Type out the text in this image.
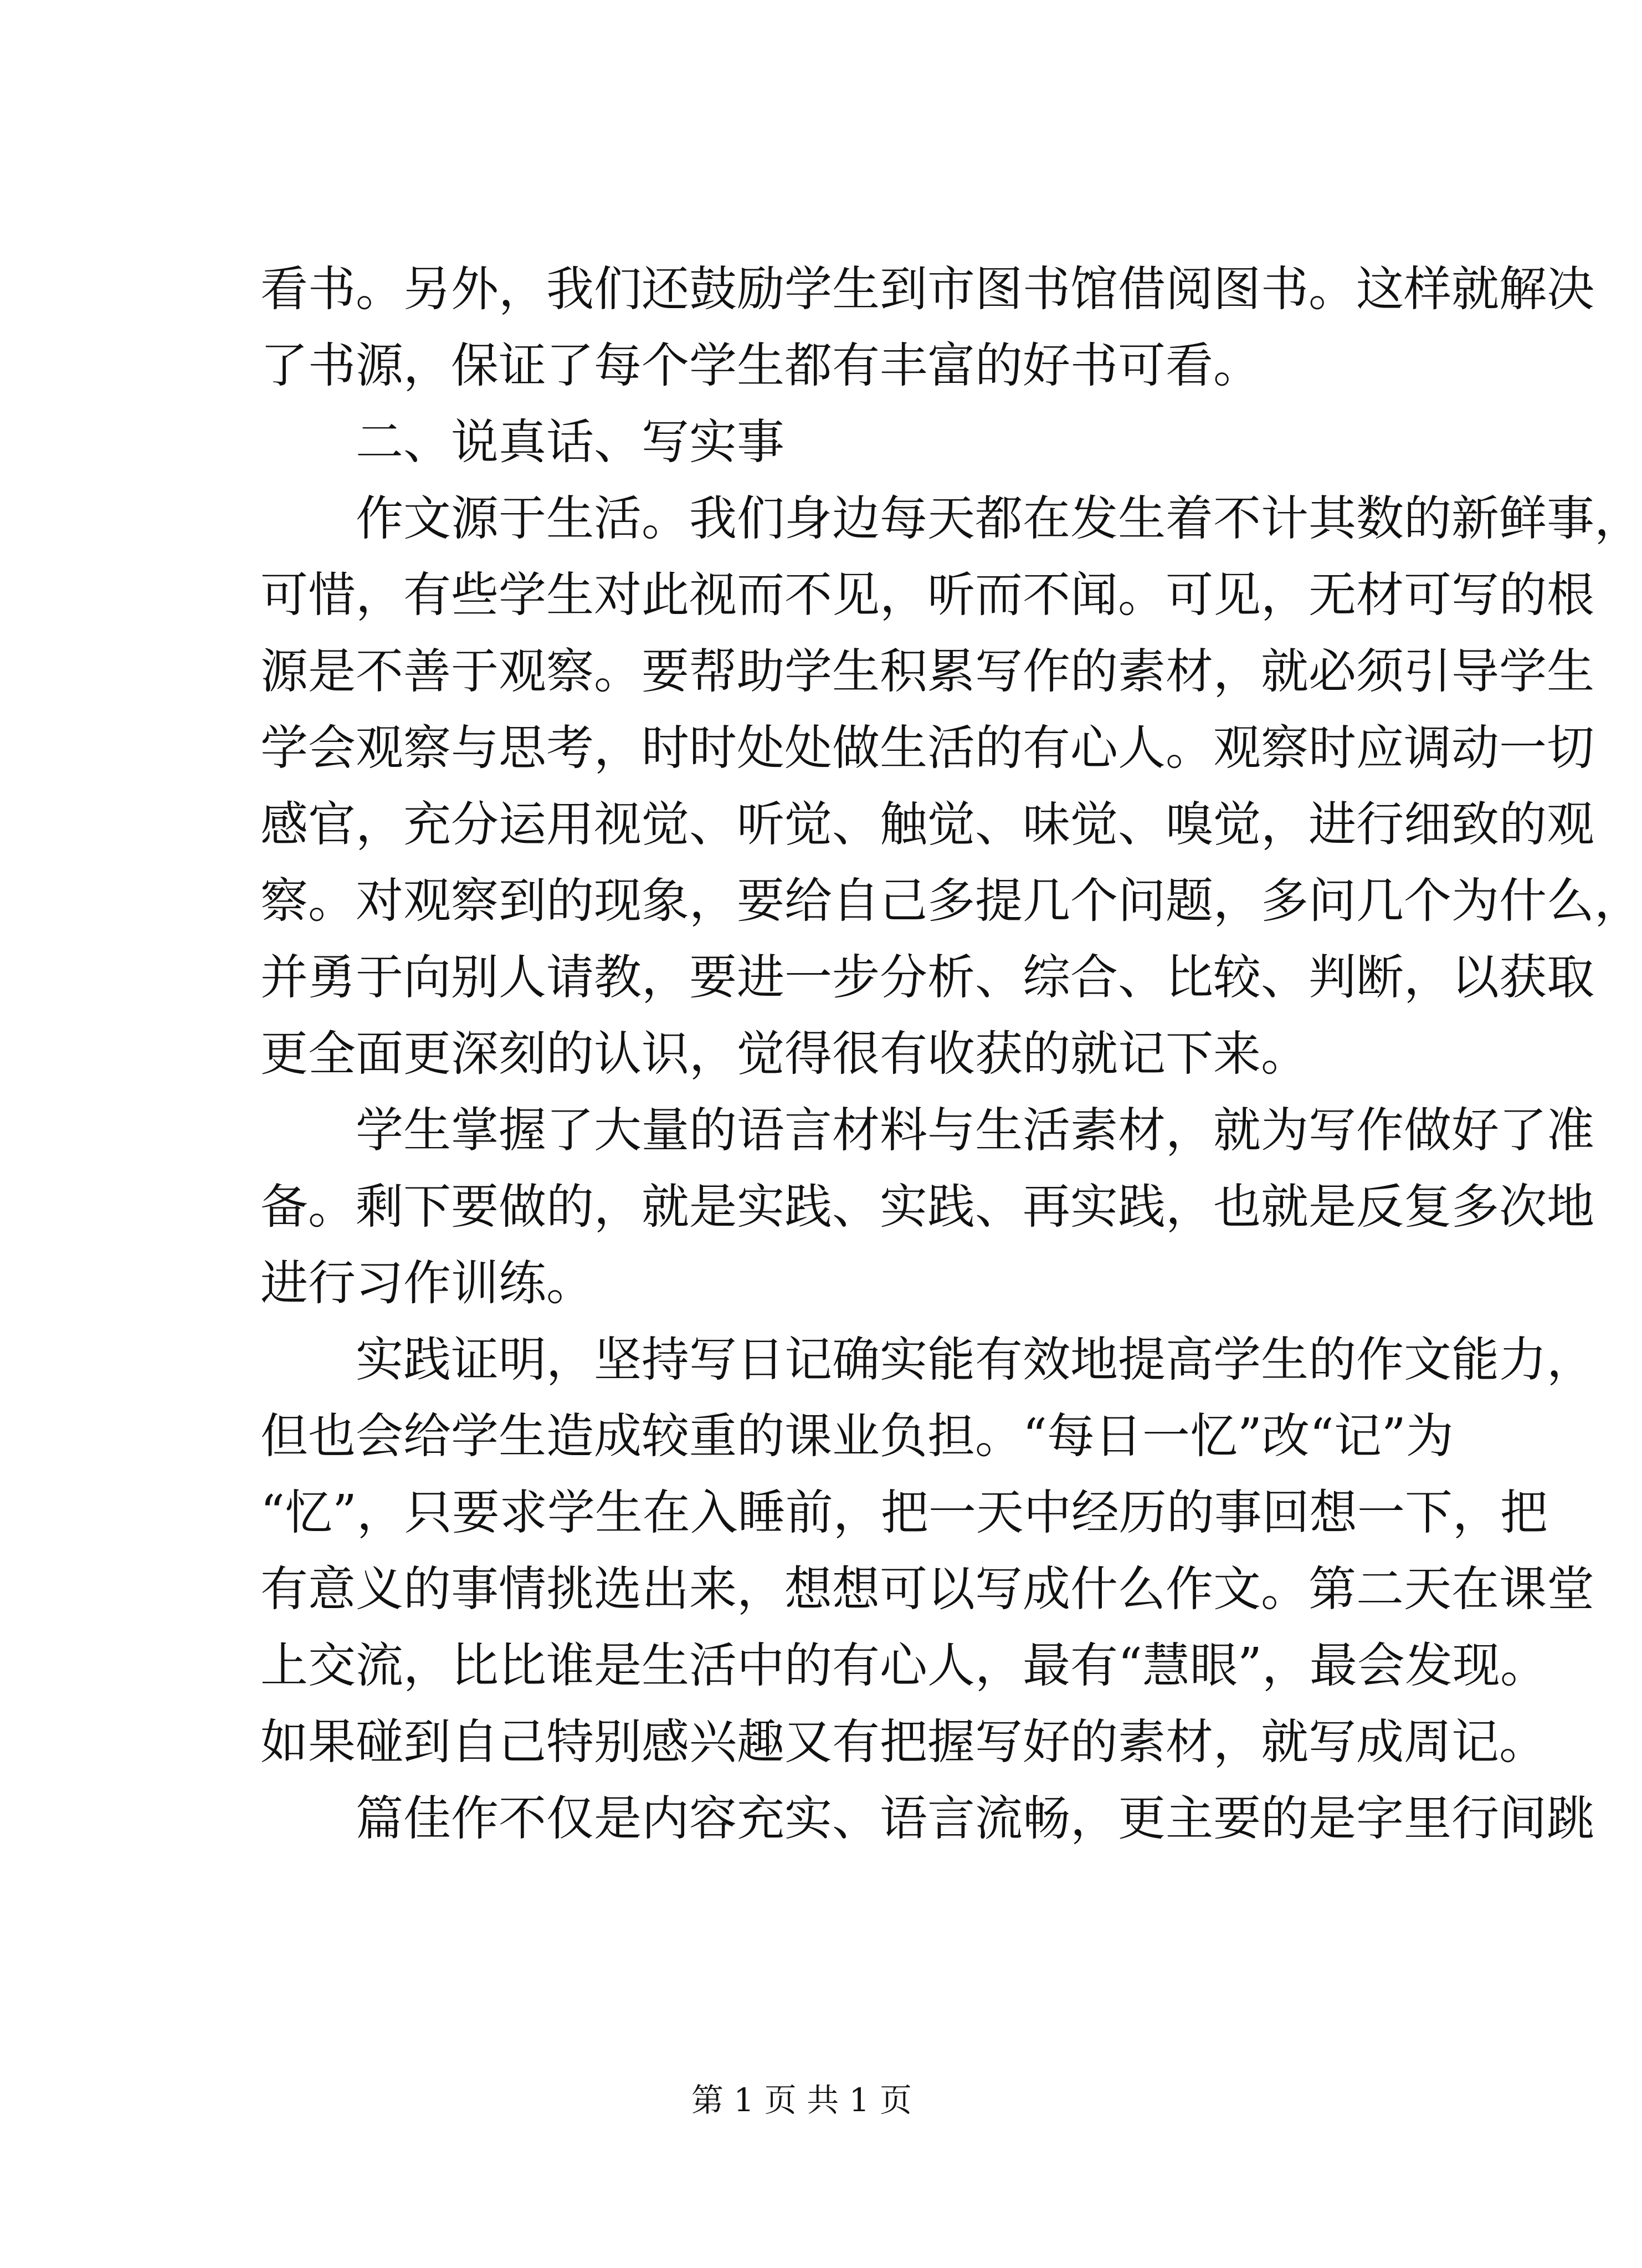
看书。另外，我们还鼓励学生到市图书馆借阅图书。这样就解决
了书源，保证了每个学生都有丰富的好书可看。
二、说真话、写实事
作文源于生活。我们身边每天都在发生着不计其数的新鲜事，
可惜，有些学生对此视而不见，听而不闻。可见，无材可写的根
源是不善于观察。要帮助学生积累写作的素材，就必须引导学生
学会观察与思考，时时处处做生活的有心人。观察时应调动一切
感官，充分运用视觉、听觉、触觉、味觉、嗅觉，进行细致的观
察。对观察到的现象，要给自己多提几个问题，多问几个为什么，
并勇于向别人请教，要进一步分析、综合、比较、判断，以获取
更全面更深刻的认识，觉得很有收获的就记下来。
学生掌握了大量的语言材料与生活素材，就为写作做好了准
备。剩下要做的，就是实践、实践、再实践，也就是反复多次地
进行习作训练。
实践证明，坚持写日记确实能有效地提高学生的作文能力，
但也会给学生造成较重的课业负担。“每日一忆”改“记”为
“忆”，只要求学生在入睡前，把一天中经历的事回想一下，把
有意义的事情挑选出来，想想可以写成什么作文。第二天在课堂
上交流，比比谁是生活中的有心人，最有“慧眼”，最会发现。
如果碰到自己特别感兴趣又有把握写好的素材，就写成周记。
篇佳作不仅是内容充实、语言流畅，更主要的是字里行间跳
第 1 页 共 1 页
